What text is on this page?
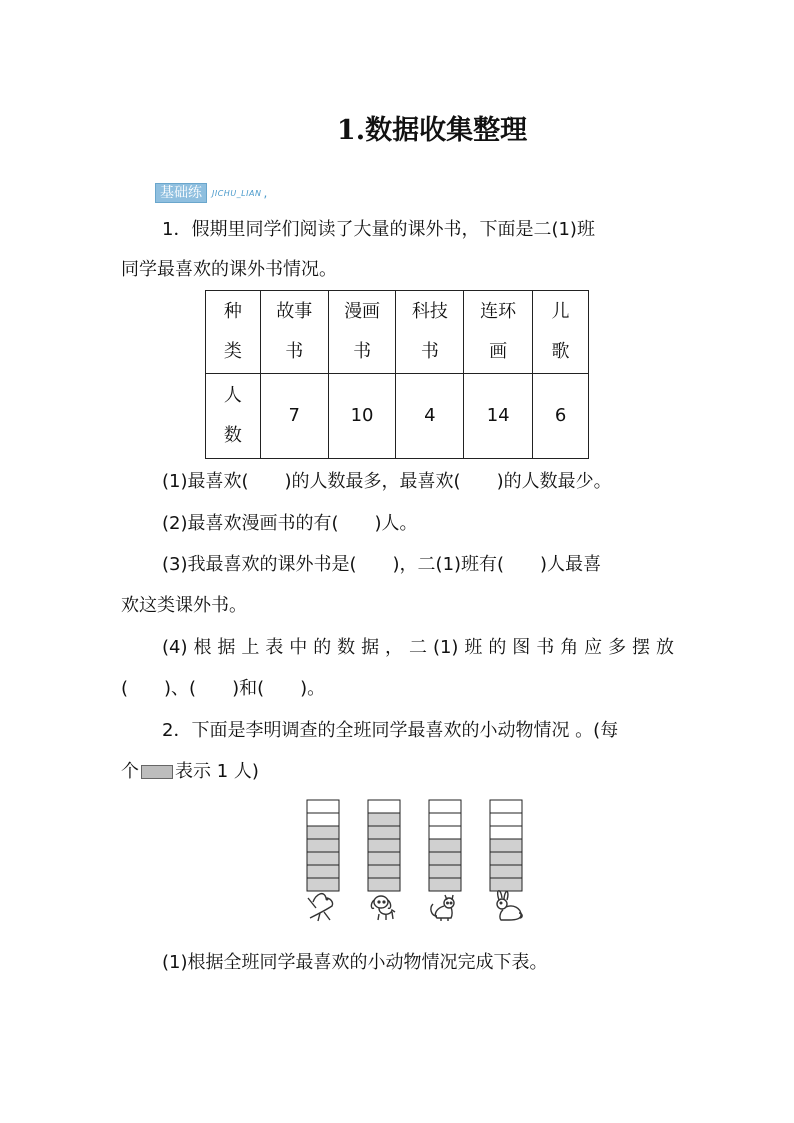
1.数据收集整理
基础练	JICHU_LIAN ,
1．假期里同学们阅读了大量的课外书，下面是二(1)班
同学最喜欢的课外书情况。
种类	故事书	漫画书	科技书	连环画	儿歌
人数	7	10	4	14	6
(1)最喜欢(　　)的人数最多，最喜欢(　　)的人数最少。
(2)最喜欢漫画书的有(　　)人。
(3)我最喜欢的课外书是(　　)，二(1)班有(　　)人最喜
欢这类课外书。
(4)根据上表中的数据，二(1)班的图书角应多摆放
(　　)、(　　)和(　　)。
2．下面是李明调查的全班同学最喜欢的小动物情况 。(每
个 表示 1 人)
(1)根据全班同学最喜欢的小动物情况完成下表。
